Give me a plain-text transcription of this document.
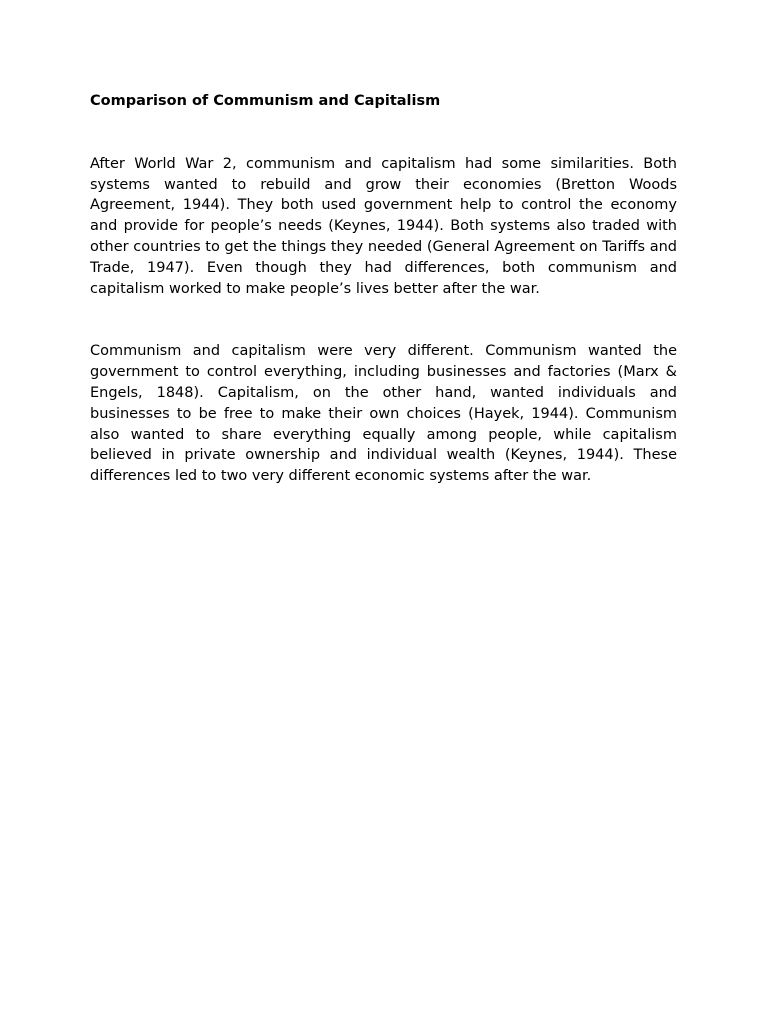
Comparison of Communism and Capitalism

After World War 2, communism and capitalism had some similarities. Both systems wanted to rebuild and grow their economies (Bretton Woods Agreement, 1944). They both used government help to control the economy and provide for people’s needs (Keynes, 1944). Both systems also traded with other countries to get the things they needed (General Agreement on Tariffs and Trade, 1947). Even though they had differences, both communism and capitalism worked to make people’s lives better after the war.

Communism and capitalism were very different. Communism wanted the government to control everything, including businesses and factories (Marx & Engels, 1848). Capitalism, on the other hand, wanted individuals and businesses to be free to make their own choices (Hayek, 1944). Communism also wanted to share everything equally among people, while capitalism believed in private ownership and individual wealth (Keynes, 1944). These differences led to two very different economic systems after the war.
